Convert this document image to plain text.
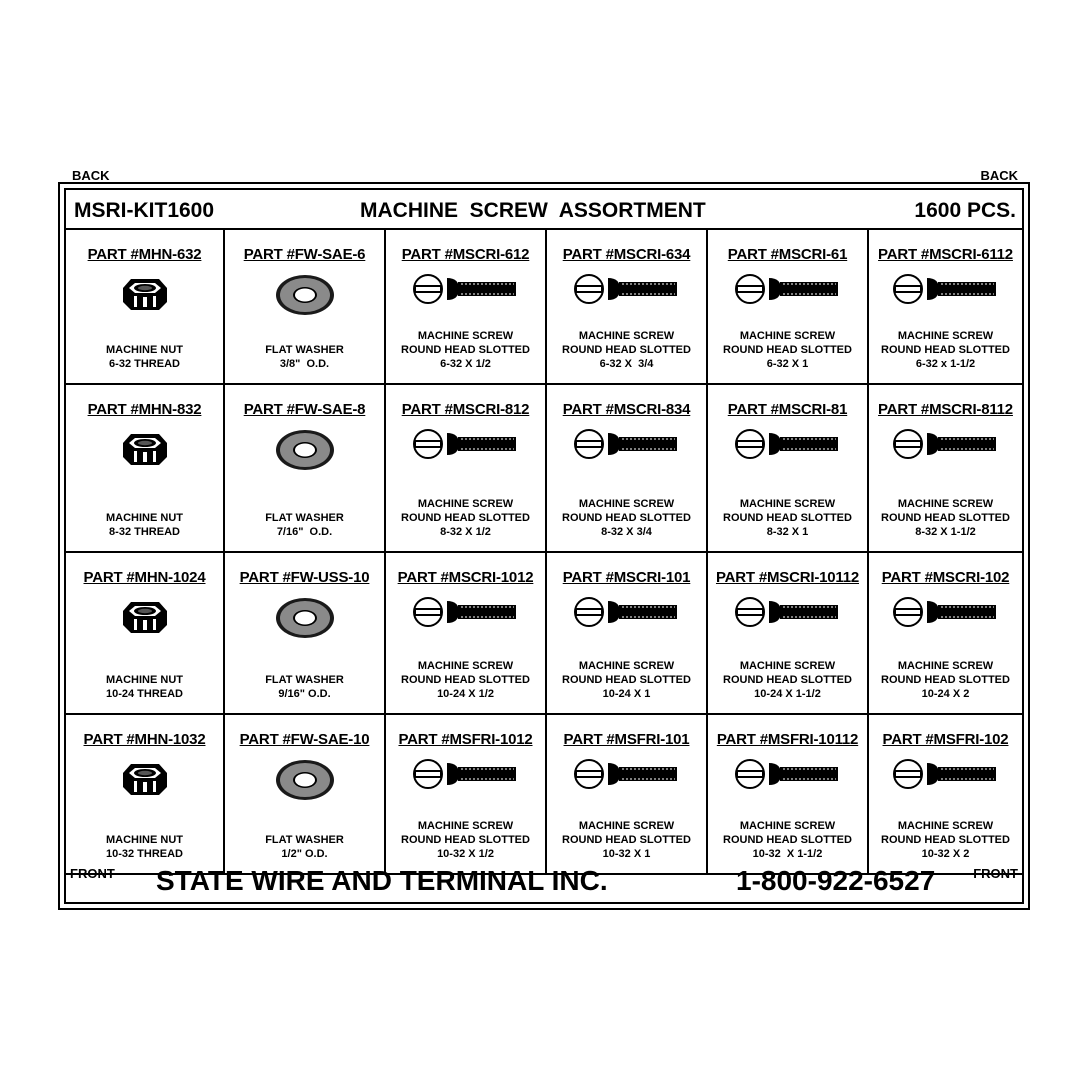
BACK	BACK
MSRI-KIT1600	MACHINE  SCREW  ASSORTMENT	1600 PCS.
PART #MHN-632
MACHINE NUT
6-32 THREAD
PART #FW-SAE-6
FLAT WASHER
3/8"  O.D.
PART #MSCRI-612
MACHINE SCREW
ROUND HEAD SLOTTED
6-32 X 1/2
PART #MSCRI-634
MACHINE SCREW
ROUND HEAD SLOTTED
6-32 X  3/4
PART #MSCRI-61
MACHINE SCREW
ROUND HEAD SLOTTED
6-32 X 1
PART #MSCRI-6112
MACHINE SCREW
ROUND HEAD SLOTTED
6-32 x 1-1/2
PART #MHN-832
MACHINE NUT
8-32 THREAD
PART #FW-SAE-8
FLAT WASHER
7/16"  O.D.
PART #MSCRI-812
MACHINE SCREW
ROUND HEAD SLOTTED
8-32 X 1/2
PART #MSCRI-834
MACHINE SCREW
ROUND HEAD SLOTTED
8-32 X 3/4
PART #MSCRI-81
MACHINE SCREW
ROUND HEAD SLOTTED
8-32 X 1
PART #MSCRI-8112
MACHINE SCREW
ROUND HEAD SLOTTED
8-32 X 1-1/2
PART #MHN-1024
MACHINE NUT
10-24 THREAD
PART #FW-USS-10
FLAT WASHER
9/16" O.D.
PART #MSCRI-1012
MACHINE SCREW
ROUND HEAD SLOTTED
10-24 X 1/2
PART #MSCRI-101
MACHINE SCREW
ROUND HEAD SLOTTED
10-24 X 1
PART #MSCRI-10112
MACHINE SCREW
ROUND HEAD SLOTTED
10-24 X 1-1/2
PART #MSCRI-102
MACHINE SCREW
ROUND HEAD SLOTTED
10-24 X 2
PART #MHN-1032
MACHINE NUT
10-32 THREAD
PART #FW-SAE-10
FLAT WASHER
1/2" O.D.
PART #MSFRI-1012
MACHINE SCREW
ROUND HEAD SLOTTED
10-32 X 1/2
PART #MSFRI-101
MACHINE SCREW
ROUND HEAD SLOTTED
10-32 X 1
PART #MSFRI-10112
MACHINE SCREW
ROUND HEAD SLOTTED
10-32  X 1-1/2
PART #MSFRI-102
MACHINE SCREW
ROUND HEAD SLOTTED
10-32 X 2
FRONT STATE WIRE AND TERMINAL INC.	1-800-922-6527	FRONT
